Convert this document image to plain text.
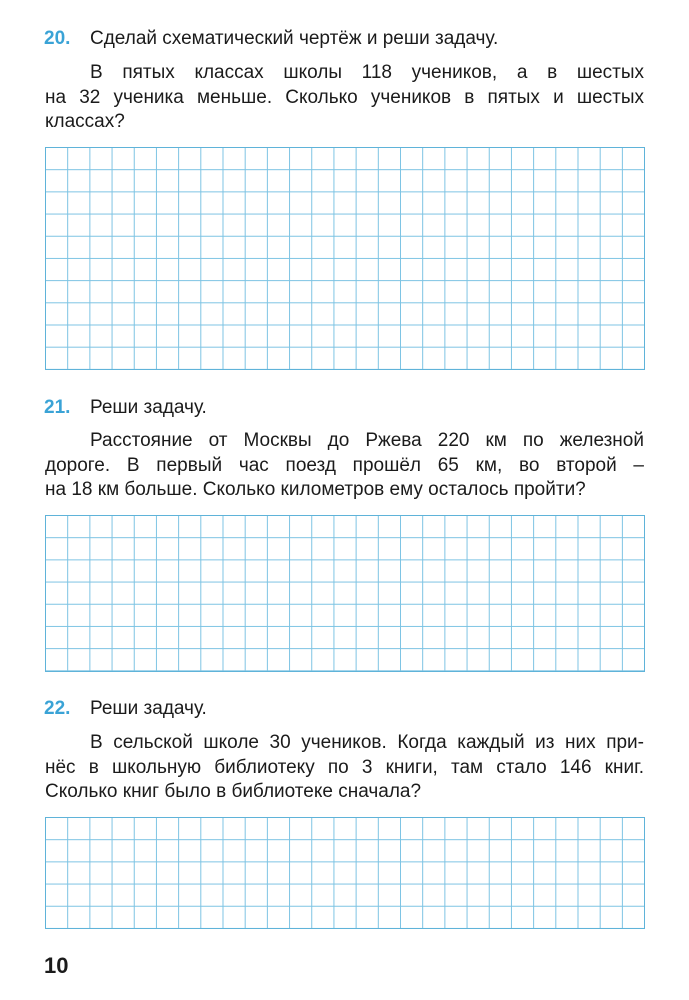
20. Сделай схематический чертёж и реши задачу.
В пятых классах школы 118 учеников, а в шестых
на 32 ученика меньше. Сколько учеников в пятых и шестых
классах?
21. Реши задачу.
Расстояние от Москвы до Ржева 220 км по железной
дороге. В первый час поезд прошёл 65 км, во второй –
на 18 км больше. Сколько километров ему осталось пройти?
22. Реши задачу.
В сельской школе 30 учеников. Когда каждый из них при-
нёс в школьную библиотеку по 3 книги, там стало 146 книг.
Сколько книг было в библиотеке сначала?
10
